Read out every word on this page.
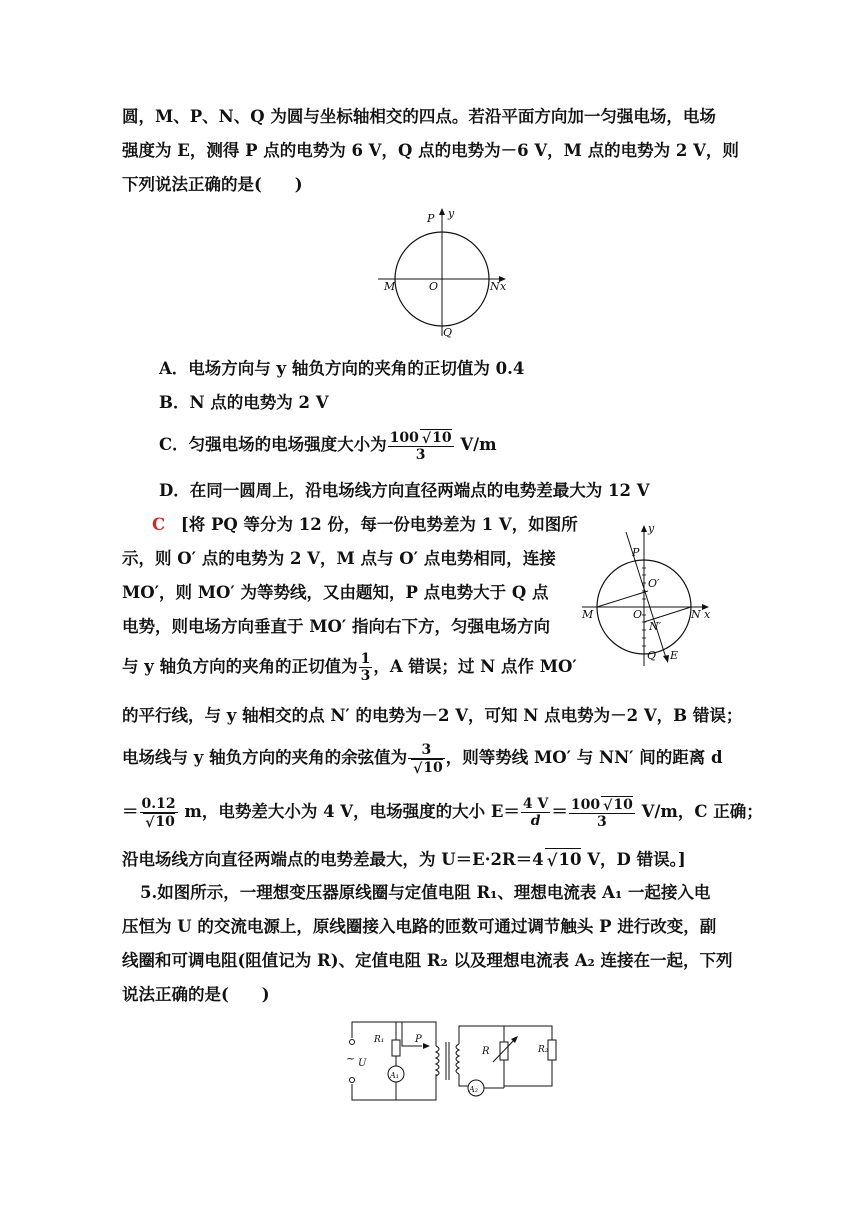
圆，M、P、N、Q 为圆与坐标轴相交的四点。若沿平面方向加一匀强电场，电场
强度为 E，测得 P 点的电势为 6 V，Q 点的电势为－6 V，M 点的电势为 2 V，则
下列说法正确的是(　　)
P y
M	O	N x
Q
A．电场方向与 y 轴负方向的夹角的正切值为 0.4
B．N 点的电势为 2 V
C．匀强电场的电场强度大小为 $\frac{100 √ 10}{3} V/m$
D．在同一圆周上，沿电场线方向直径两端点的电势差最大为 12 V
C [将 PQ 等分为 12 份，每一份电势差为 1 V，如图所
示，则 O′ 点的电势为 2 V，M 点与 O′ 点电势相同，连接
MO′，则 MO′ 为等势线，又由题知，P 点电势大于 Q 点
电势，则电场方向垂直于 MO′ 指向右下方，匀强电场方向
与 y 轴负方向的夹角的正切值为 $\frac{1}{3}$ ，A 错误；过 N 点作 MO′
P
y
O′
M	O	N x
N′
Q E
的平行线，与 y 轴相交的点 N′ 的电势为－2 V，可知 N 点电势为－2 V，B 错误；
电场线与 y 轴负方向的夹角的余弦值为 3
√ 10 ，则等势线 MO′ 与 NN′ 间的距离 d
＝ 0.12
√ 10 m，电势差大小为 4 V，电场强度的大小 $E= \frac{4 V}{d} = \frac{100 √ 10}{3} V/m$，C 正确；
沿电场线方向直径两端点的电势差最大，为 U＝E·2R＝4 √ 10 V，D 错误。]
5.如图所示，一理想变压器原线圈与定值电阻 R₁、理想电流表 A₁ 一起接入电
压恒为 U 的交流电源上，原线圈接入电路的匝数可通过调节触头 P 进行改变，副
线圈和可调电阻(阻值记为 R)、定值电阻 R₂ 以及理想电流表 A₂ 连接在一起，下列
说法正确的是(　　)
R₁	P
~ U
A₁
R	R₂
A₂
